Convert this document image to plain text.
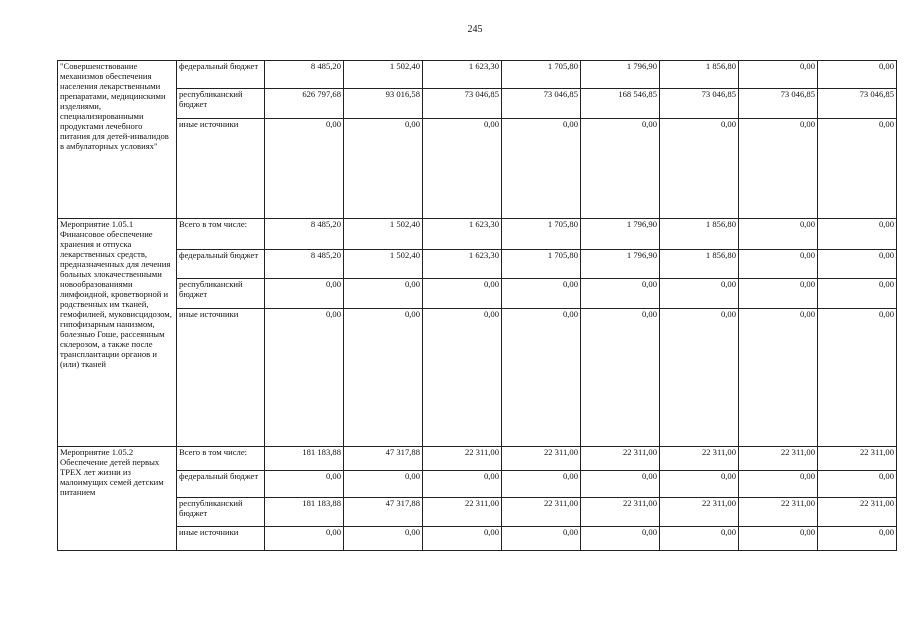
245
"Совершенствование механизмов обеспечения населения лекарственными препаратами, медицинскими изделиями, специализированными продуктами лечебного питания для детей-инвалидов в амбулаторных условиях"	федеральный бюджет	8 485,20	1 502,40	1 623,30	1 705,80	1 796,90	1 856,80	0,00	0,00
	республиканский бюджет	626 797,68	93 016,58	73 046,85	73 046,85	168 546,85	73 046,85	73 046,85	73 046,85
	иные источники	0,00	0,00	0,00	0,00	0,00	0,00	0,00	0,00
Мероприятие 1.05.1 Финансовое обеспечение хранения и отпуска лекарственных средств, предназначенных для лечения больных злокачественными новообразованиями лимфоидной, кроветворной и родственных им тканей, гемофилией, муковисцидозом, гипофизарным нанизмом, болезнью Гоше, рассеянным склерозом, а также после трансплантации органов и (или) тканей	Всего в том числе:	8 485,20	1 502,40	1 623,30	1 705,80	1 796,90	1 856,80	0,00	0,00
	федеральный бюджет	8 485,20	1 502,40	1 623,30	1 705,80	1 796,90	1 856,80	0,00	0,00
	республиканский бюджет	0,00	0,00	0,00	0,00	0,00	0,00	0,00	0,00
	иные источники	0,00	0,00	0,00	0,00	0,00	0,00	0,00	0,00
Мероприятие 1.05.2 Обеспечение детей первых ТРЕХ лет жизни из малоимущих семей детским питанием	Всего в том числе:	181 183,88	47 317,88	22 311,00	22 311,00	22 311,00	22 311,00	22 311,00	22 311,00
	федеральный бюджет	0,00	0,00	0,00	0,00	0,00	0,00	0,00	0,00
	республиканский бюджет	181 183,88	47 317,88	22 311,00	22 311,00	22 311,00	22 311,00	22 311,00	22 311,00
	иные источники	0,00	0,00	0,00	0,00	0,00	0,00	0,00	0,00
